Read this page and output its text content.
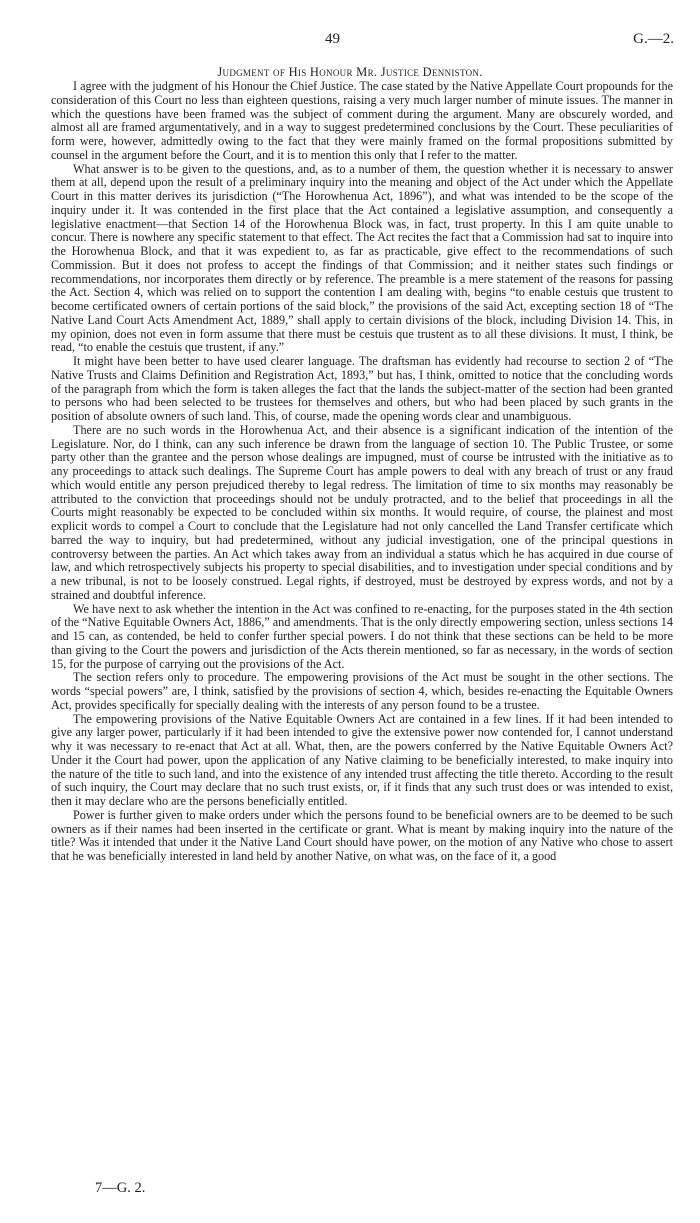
49	G.—2.
Judgment of His Honour Mr. Justice Denniston.

I agree with the judgment of his Honour the Chief Justice. The case stated by the Native Appellate Court propounds for the consideration of this Court no less than eighteen questions, raising a very much larger number of minute issues. The manner in which the questions have been framed was the subject of comment during the argument. Many are obscurely worded, and almost all are framed argumentatively, and in a way to suggest predetermined conclusions by the Court. These peculiarities of form were, however, admittedly owing to the fact that they were mainly framed on the formal propositions submitted by counsel in the argument before the Court, and it is to mention this only that I refer to the matter.

What answer is to be given to the questions, and, as to a number of them, the question whether it is necessary to answer them at all, depend upon the result of a preliminary inquiry into the meaning and object of the Act under which the Appellate Court in this matter derives its jurisdiction (“The Horowhenua Act, 1896”), and what was intended to be the scope of the inquiry under it. It was contended in the first place that the Act contained a legislative assumption, and consequently a legislative enactment—that Section 14 of the Horowhenua Block was, in fact, trust property. In this I am quite unable to concur. There is nowhere any specific statement to that effect. The Act recites the fact that a Commission had sat to inquire into the Horowhenua Block, and that it was expedient to, as far as practicable, give effect to the recommendations of such Commission. But it does not profess to accept the findings of that Commission; and it neither states such findings or recommendations, nor incorporates them directly or by reference. The preamble is a mere statement of the reasons for passing the Act. Section 4, which was relied on to support the contention I am dealing with, begins “to enable cestuis que trustent to become certificated owners of certain portions of the said block,” the provisions of the said Act, excepting section 18 of “The Native Land Court Acts Amendment Act, 1889,” shall apply to certain divisions of the block, including Division 14. This, in my opinion, does not even in form assume that there must be cestuis que trustent as to all these divisions. It must, I think, be read, “to enable the cestuis que trustent, if any.”

It might have been better to have used clearer language. The draftsman has evidently had recourse to section 2 of “The Native Trusts and Claims Definition and Registration Act, 1893,” but has, I think, omitted to notice that the concluding words of the paragraph from which the form is taken alleges the fact that the lands the subject-matter of the section had been granted to persons who had been selected to be trustees for themselves and others, but who had been placed by such grants in the position of absolute owners of such land. This, of course, made the opening words clear and unambiguous.

There are no such words in the Horowhenua Act, and their absence is a significant indication of the intention of the Legislature. Nor, do I think, can any such inference be drawn from the language of section 10. The Public Trustee, or some party other than the grantee and the person whose dealings are impugned, must of course be intrusted with the initiative as to any proceedings to attack such dealings. The Supreme Court has ample powers to deal with any breach of trust or any fraud which would entitle any person prejudiced thereby to legal redress. The limitation of time to six months may reasonably be attributed to the conviction that proceedings should not be unduly protracted, and to the belief that proceedings in all the Courts might reasonably be expected to be concluded within six months. It would require, of course, the plainest and most explicit words to compel a Court to conclude that the Legislature had not only cancelled the Land Transfer certificate which barred the way to inquiry, but had predetermined, without any judicial investigation, one of the principal questions in controversy between the parties. An Act which takes away from an individual a status which he has acquired in due course of law, and which retrospectively subjects his property to special disabilities, and to investigation under special conditions and by a new tribunal, is not to be loosely construed. Legal rights, if destroyed, must be destroyed by express words, and not by a strained and doubtful inference.

We have next to ask whether the intention in the Act was confined to re-enacting, for the purposes stated in the 4th section of the “Native Equitable Owners Act, 1886,” and amendments. That is the only directly empowering section, unless sections 14 and 15 can, as contended, be held to confer further special powers. I do not think that these sections can be held to be more than giving to the Court the powers and jurisdiction of the Acts therein mentioned, so far as necessary, in the words of section 15, for the purpose of carrying out the provisions of the Act.

The section refers only to procedure. The empowering provisions of the Act must be sought in the other sections. The words “special powers” are, I think, satisfied by the provisions of section 4, which, besides re-enacting the Equitable Owners Act, provides specifically for specially dealing with the interests of any person found to be a trustee.

The empowering provisions of the Native Equitable Owners Act are contained in a few lines. If it had been intended to give any larger power, particularly if it had been intended to give the extensive power now contended for, I cannot understand why it was necessary to re-enact that Act at all. What, then, are the powers conferred by the Native Equitable Owners Act? Under it the Court had power, upon the application of any Native claiming to be beneficially interested, to make inquiry into the nature of the title to such land, and into the existence of any intended trust affecting the title thereto. According to the result of such inquiry, the Court may declare that no such trust exists, or, if it finds that any such trust does or was intended to exist, then it may declare who are the persons beneficially entitled.

Power is further given to make orders under which the persons found to be beneficial owners are to be deemed to be such owners as if their names had been inserted in the certificate or grant. What is meant by making inquiry into the nature of the title? Was it intended that under it the Native Land Court should have power, on the motion of any Native who chose to assert that he was beneficially interested in land held by another Native, on what was, on the face of it, a good

7—G. 2.
